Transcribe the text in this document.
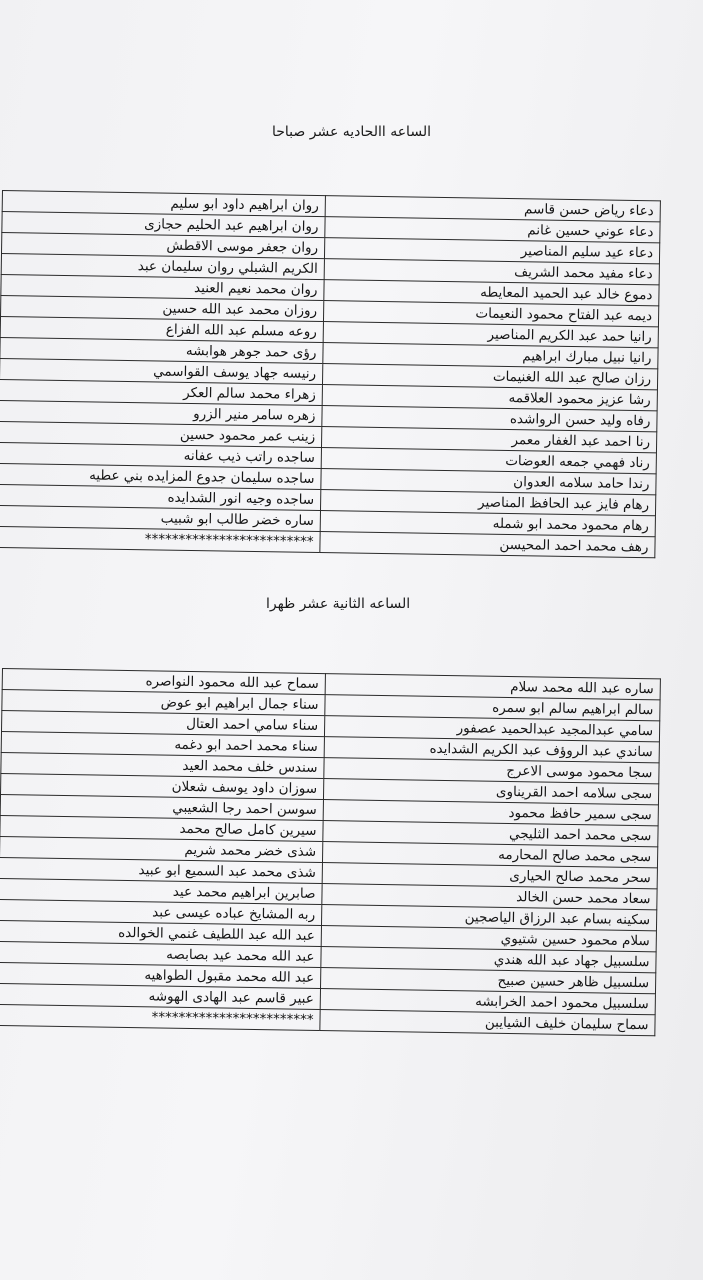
الساعه االحاديه عشر صباحا
دعاء رياض حسن قاسم	روان ابراهيم داود ابو سليم
دعاء عوني حسين غانم	روان ابراهيم عبد الحليم حجازى
دعاء عيد سليم المناصير	روان جعفر موسى الاقطش
دعاء مفيد محمد الشريف	الكريم الشبلي روان سليمان عبد
دموع خالد عبد الحميد المعايطه	روان محمد نعيم العنيد
ديمه عبد الفتاح محمود النعيمات	روزان محمد عبد الله حسين
رانيا حمد عبد الكريم المناصير	روعه مسلم عبد الله الفزاع
رانيا نبيل مبارك ابراهيم	رؤى حمد جوهر هوابشه
رزان صالح عبد الله الغنيمات	رنيسه جهاد يوسف القواسمي
رشا عزيز محمود العلاقمه	زهراء محمد سالم العكر
رفاه وليد حسن الرواشده	زهره سامر منير الزرو
رنا احمد عبد الغفار معمر	زينب عمر محمود حسين
رناد فهمي جمعه العوضات	ساجده راتب ذيب عفانه
رندا حامد سلامه العدوان	ساجده سليمان جدوع المزايده بني عطيه
رهام فايز عبد الحافظ المناصير	ساجده وجيه انور الشدايده
رهام محمود محمد ابو شمله	ساره خضر طالب ابو شبيب
رهف محمد احمد المحيسن	*************************
الساعه الثانية عشر ظهرا
ساره عبد الله محمد سلام	سماح عبد الله محمود النواصره
سالم ابراهيم سالم ابو سمره	سناء جمال ابراهيم ابو عوض
سامي عبدالمجيد عبدالحميد عصفور	سناء سامي احمد العتال
ساندي عبد الروؤف عبد الكريم الشدايده	سناء محمد احمد ابو دغمه
سجا محمود موسى الاعرج	سندس خلف محمد العيد
سجى سلامه احمد القريناوى	سوزان داود يوسف شعلان
سجى سمير حافظ محمود	سوسن احمد رجا الشعيبي
سجى محمد احمد الثليجي	سيرين كامل صالح محمد
سجى محمد صالح المحارمه	شذى خضر محمد شريم
سحر محمد صالح الحيارى	شذى محمد عبد السميع ابو عبيد
سعاد محمد حسن الخالد	صابرين ابراهيم محمد عيد
سكينه بسام عبد الرزاق الياصجين	ربه المشايخ عباده عيسى عبد
سلام محمود حسين شتيوي	عبد الله عبد اللطيف غنمي الخوالده
سلسبيل جهاد عبد الله هندي	عبد الله محمد عيد بصابصه
سلسبيل ظاهر حسين صبيح	عبد الله محمد مقبول الطواهيه
سلسبيل محمود احمد الخرابشه	عبير قاسم عبد الهادى الهوشه
سماح سليمان خليف الشيايبن	************************
